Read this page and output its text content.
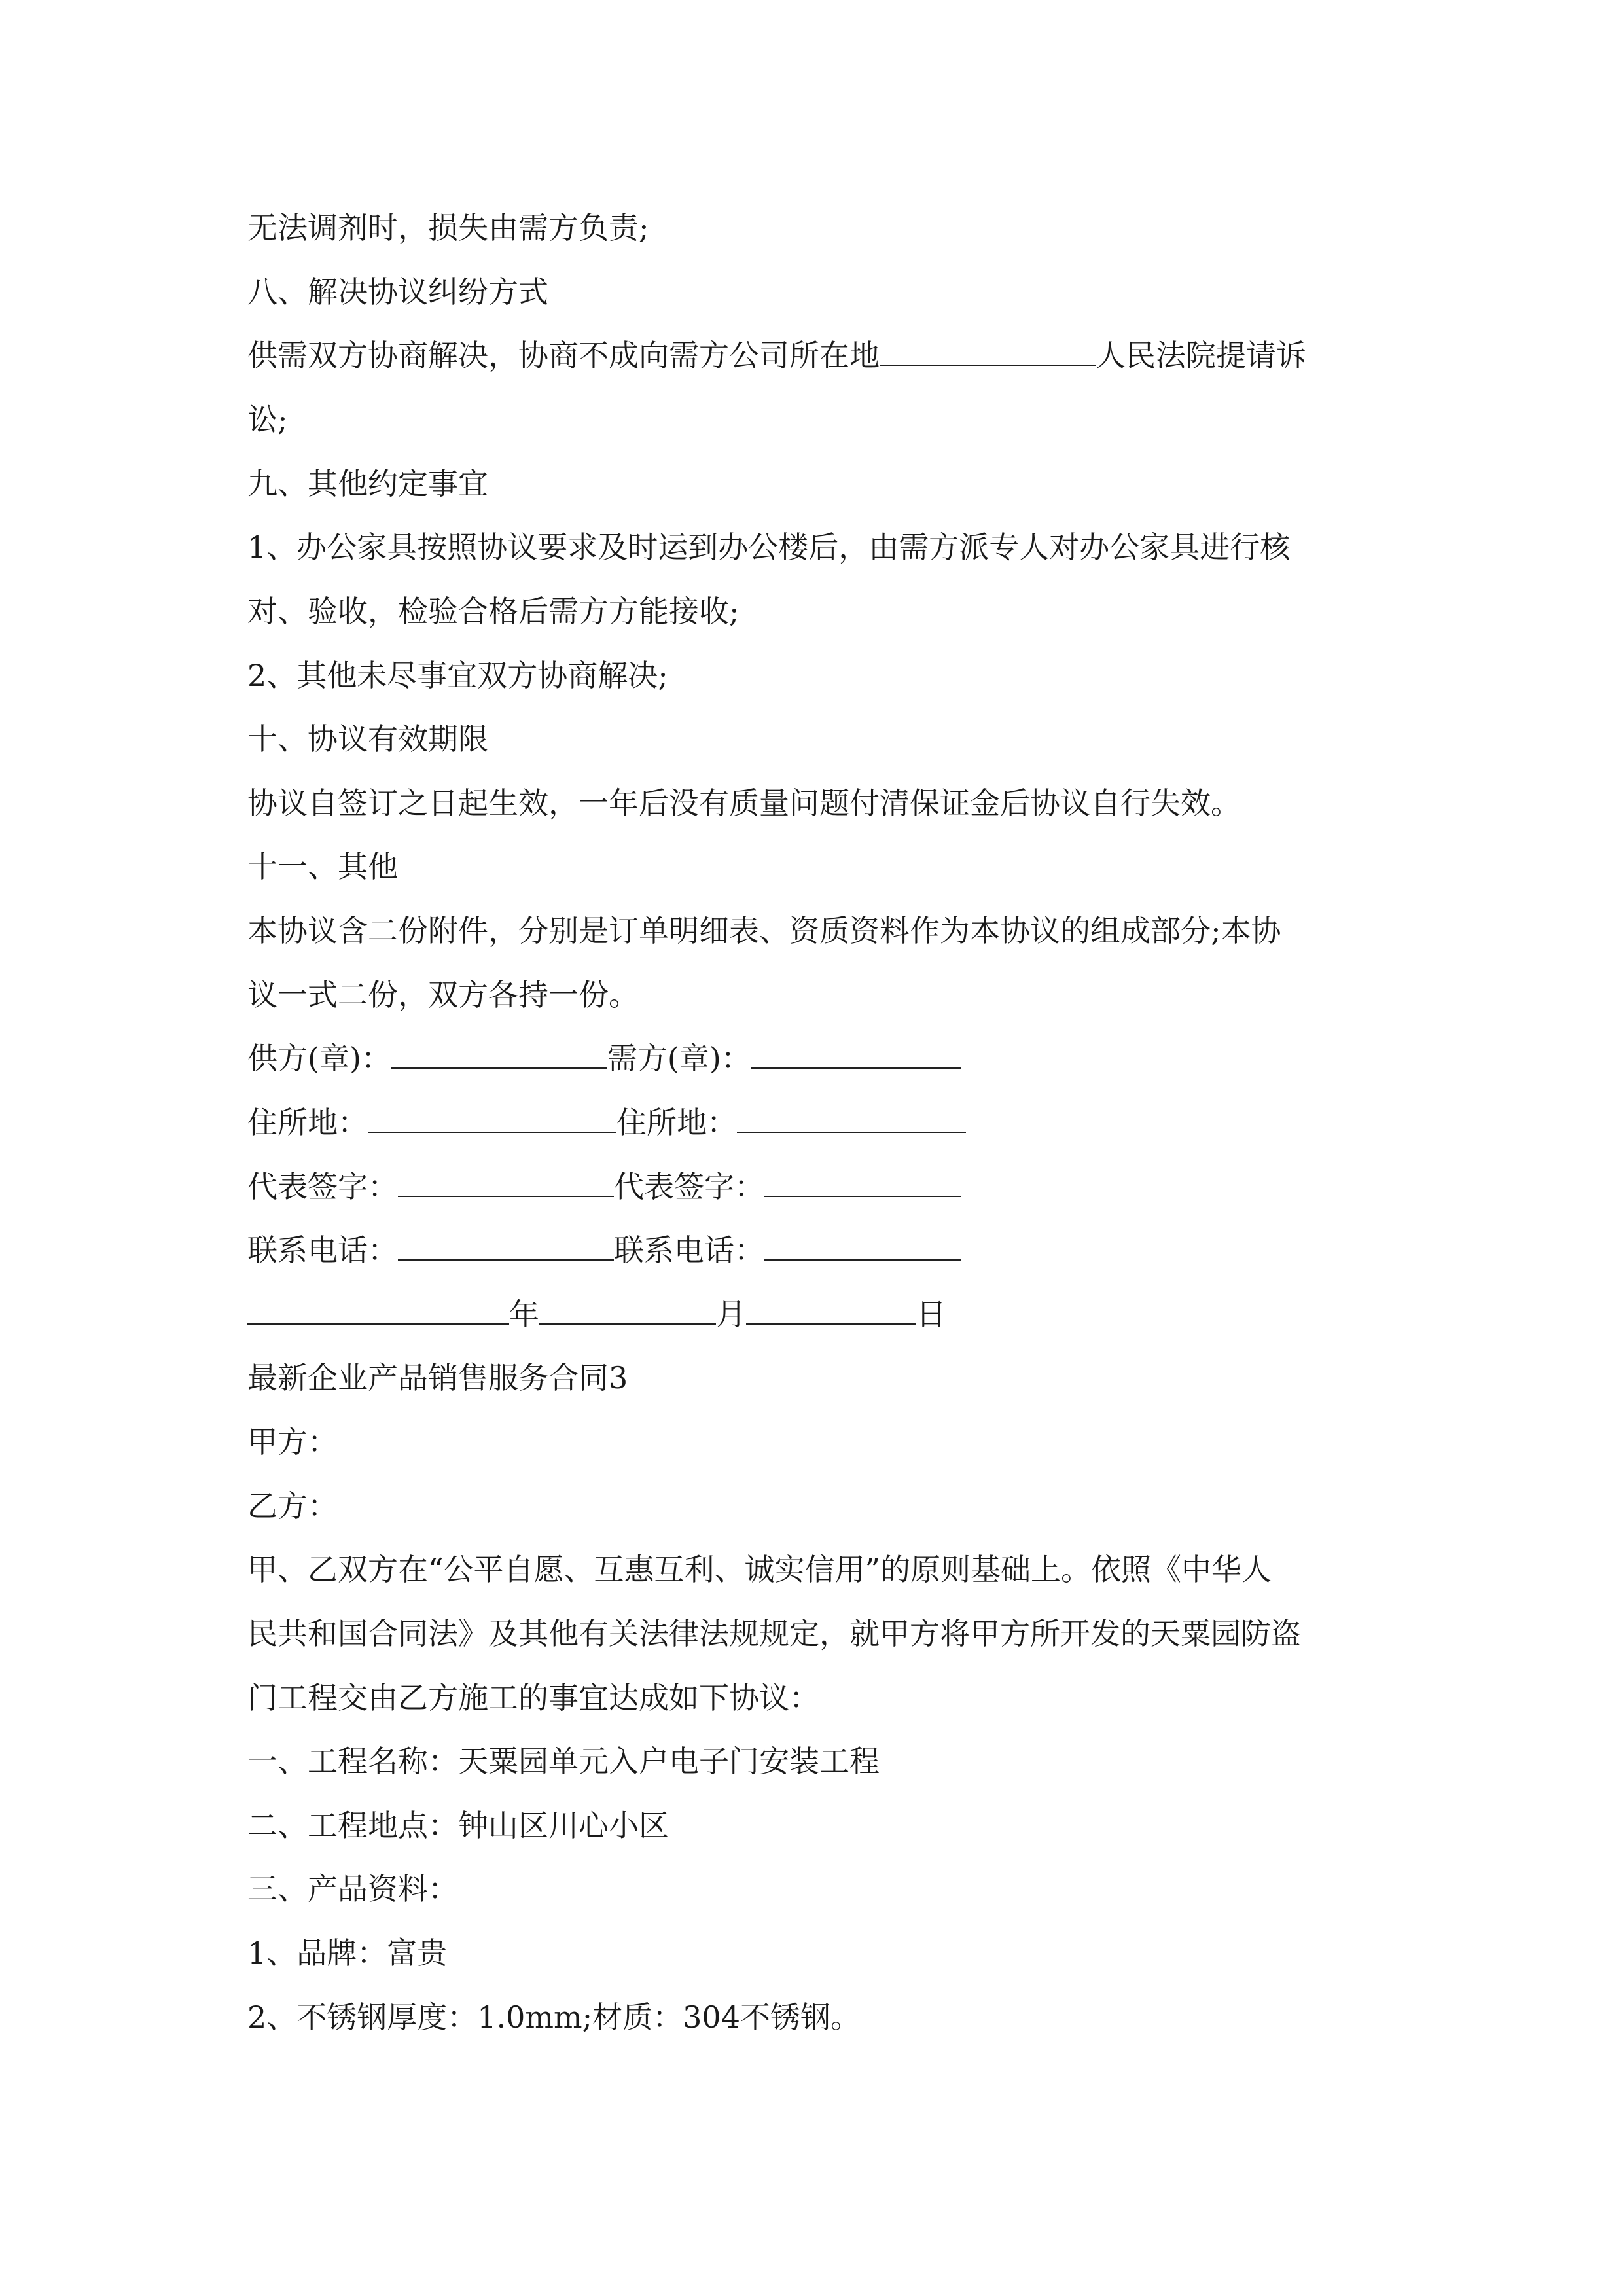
无法调剂时，损失由需方负责;
八、解决协议纠纷方式
供需双方协商解决，协商不成向需方公司所在地	人民法院提请诉
讼;
九、其他约定事宜
1、办公家具按照协议要求及时运到办公楼后，由需方派专人对办公家具进行核
对、验收，检验合格后需方方能接收;
2、其他未尽事宜双方协商解决;
十、协议有效期限
协议自签订之日起生效，一年后没有质量问题付清保证金后协议自行失效。
十一、其他
本协议含二份附件，分别是订单明细表、资质资料作为本协议的组成部分;本协
议一式二份，双方各持一份。
供方(章)：	需方(章)：
住所地：	住所地：
代表签字：	代表签字：
联系电话：	联系电话：
年	月	日
最新企业产品销售服务合同3
甲方：
乙方：
甲、乙双方在“公平自愿、互惠互利、诚实信用”的原则基础上。依照《中华人
民共和国合同法》及其他有关法律法规规定，就甲方将甲方所开发的天粟园防盗
门工程交由乙方施工的事宜达成如下协议：
一、工程名称：天粟园单元入户电子门安装工程
二、工程地点：钟山区川心小区
三、产品资料：
1、品牌：富贵
2、不锈钢厚度：1.0mm;材质：304不锈钢。
